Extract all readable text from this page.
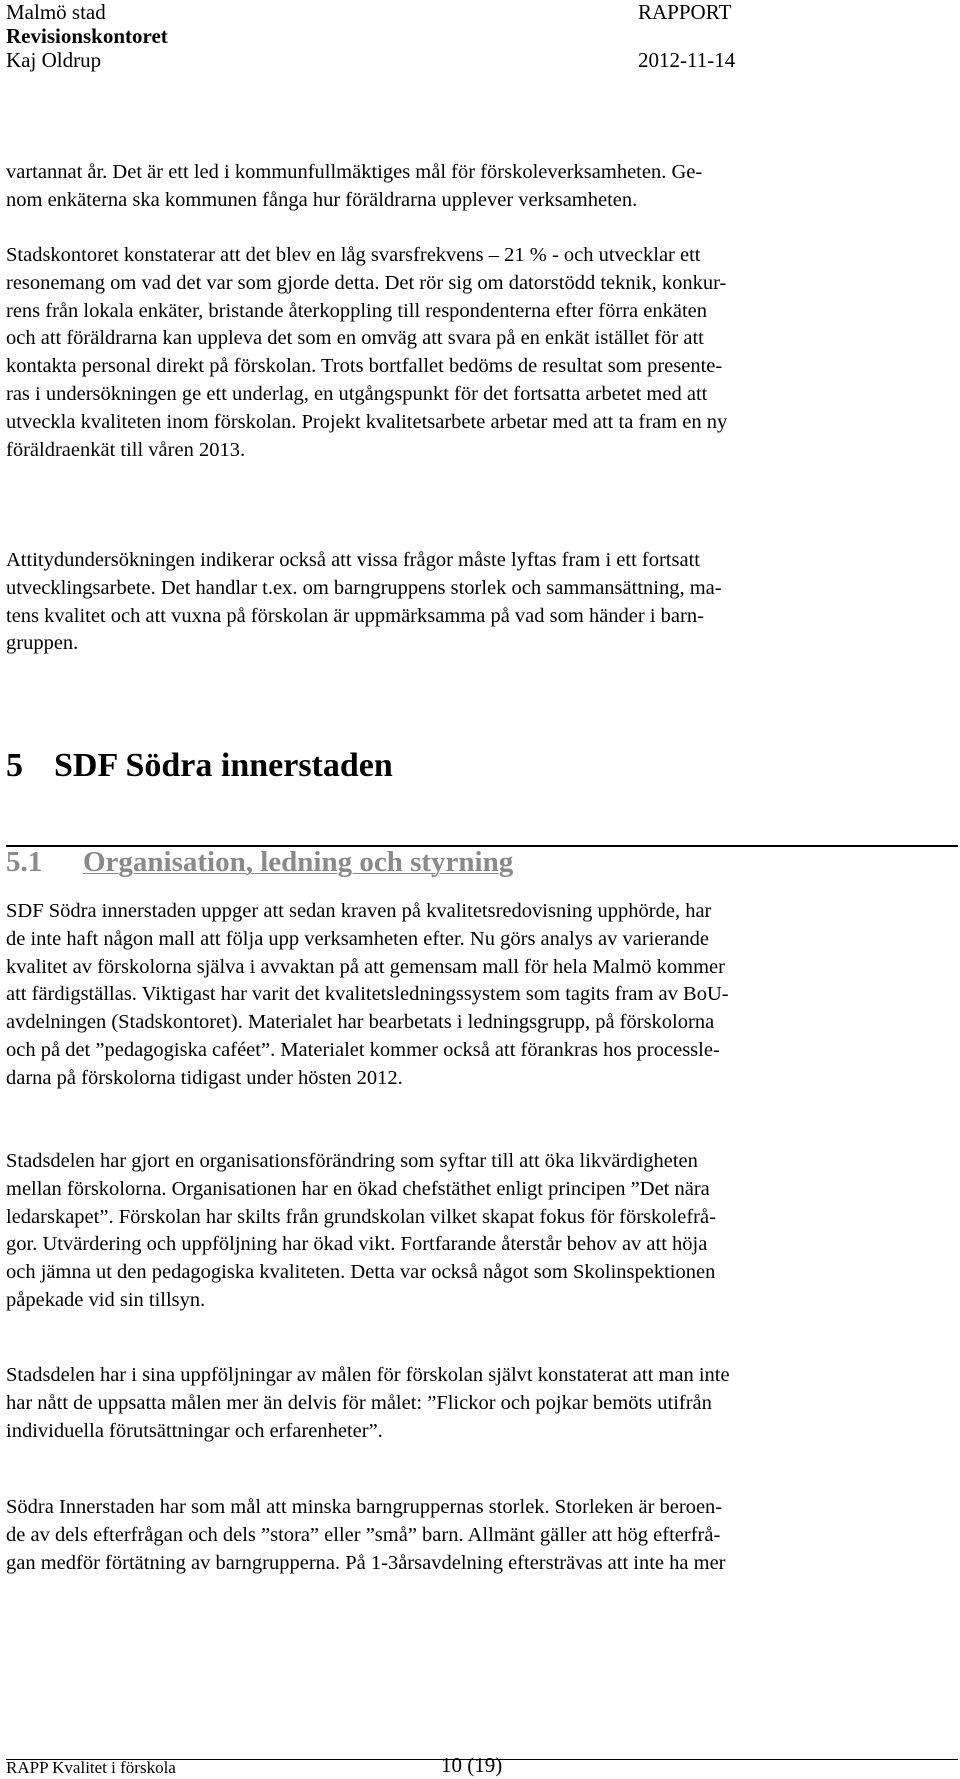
Malmö stad
Revisionskontoret
Kaj Oldrup
RAPPORT

2012-11-14

vartannat år. Det är ett led i kommunfullmäktiges mål för förskoleverksamheten. Ge-

nom enkäterna ska kommunen fånga hur föräldrarna upplever verksamheten.

Stadskontoret konstaterar att det blev en låg svarsfrekvens – 21 % - och utvecklar ett

resonemang om vad det var som gjorde detta. Det rör sig om datorstödd teknik, konkur-

rens från lokala enkäter, bristande återkoppling till respondenterna efter förra enkäten

och att föräldrarna kan uppleva det som en omväg att svara på en enkät istället för att

kontakta personal direkt på förskolan. Trots bortfallet bedöms de resultat som presente-

ras i undersökningen ge ett underlag, en utgångspunkt för det fortsatta arbetet med att

utveckla kvaliteten inom förskolan. Projekt kvalitetsarbete arbetar med att ta fram en ny

föräldraenkät till våren 2013.

Attitydundersökningen indikerar också att vissa frågor måste lyftas fram i ett fortsatt

utvecklingsarbete. Det handlar t.ex. om barngruppens storlek och sammansättning, ma-

tens kvalitet och att vuxna på förskolan är uppmärksamma på vad som händer i barn-

gruppen.

5 SDF Södra innerstaden
5.1 Organisation, ledning och styrning

SDF Södra innerstaden uppger att sedan kraven på kvalitetsredovisning upphörde, har

de inte haft någon mall att följa upp verksamheten efter. Nu görs analys av varierande

kvalitet av förskolorna själva i avvaktan på att gemensam mall för hela Malmö kommer

att färdigställas. Viktigast har varit det kvalitetsledningssystem som tagits fram av BoU-

avdelningen (Stadskontoret). Materialet har bearbetats i ledningsgrupp, på förskolorna

och på det ”pedagogiska caféet”. Materialet kommer också att förankras hos processle-

darna på förskolorna tidigast under hösten 2012.

Stadsdelen har gjort en organisationsförändring som syftar till att öka likvärdigheten

mellan förskolorna. Organisationen har en ökad chefstäthet enligt principen ”Det nära

ledarskapet”. Förskolan har skilts från grundskolan vilket skapat fokus för förskolefrå-

gor. Utvärdering och uppföljning har ökad vikt. Fortfarande återstår behov av att höja

och jämna ut den pedagogiska kvaliteten. Detta var också något som Skolinspektionen

påpekade vid sin tillsyn.

Stadsdelen har i sina uppföljningar av målen för förskolan självt konstaterat att man inte

har nått de uppsatta målen mer än delvis för målet: ”Flickor och pojkar bemöts utifrån

individuella förutsättningar och erfarenheter”.

Södra Innerstaden har som mål att minska barngruppernas storlek. Storleken är beroen-

de av dels efterfrågan och dels ”stora” eller ”små” barn. Allmänt gäller att hög efterfrå-

gan medför förtätning av barngrupperna. På 1-3årsavdelning eftersträvas att inte ha mer

RAPP Kvalitet i förskola	10 (19)
